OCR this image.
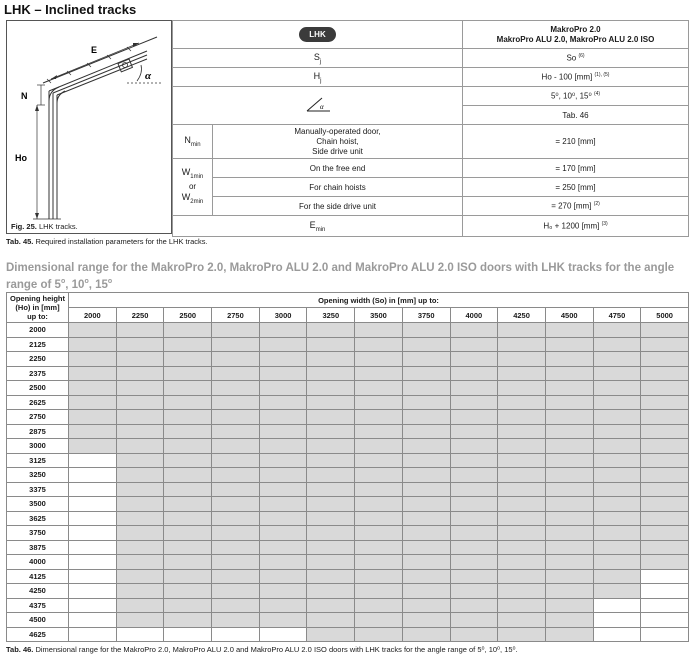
LHK – Inclined tracks
E
α
N
Ho
Fig. 25. LHK tracks.
LHK		MakroPro 2.0
MakroPro ALU 2.0, MakroPro ALU 2.0 ISO

$S_j$		So $^{(6)}$
$H_j$		Ho - 100 [mm] $^{(1), (5)}$

α		5⁰, 10⁰, 15⁰ $^{(4)}$
		Tab. 46
$N_{min}$	Manually-operated door,
Chain hoist,
Side drive unit	= 210 [mm]

$W_{1min}$
or
$W_{2min}$	On the free end	= 170 [mm]
	For chain hoists	= 250 [mm]
	For the side drive unit	= 270 [mm] $^{(2)}$
$E_{min}$		H₀ + 1200 [mm] $^{(3)}$
Tab. 45. Required installation parameters for the LHK tracks.
Dimensional range for the MakroPro 2.0, MakroPro ALU 2.0 and MakroPro ALU 2.0 ISO doors with LHK tracks for the angle range of 5$^o$, 10$^o$, 15$^o$
Opening height
(Ho) in [mm]
up to:	Opening width (So) in [mm] up to:												
	2000	2250	2500	2750	3000	3250	3500	3750	4000	4250	4500	4750	5000
2000													
2125													
2250													
2375													
2500													
2625													
2750													
2875													
3000													
3125													
3250													
3375													
3500													
3625													
3750													
3875													
4000													
4125													
4250													
4375													
4500													
4625													
Tab. 46. Dimensional range for the MakroPro 2.0, MakroPro ALU 2.0 and MakroPro ALU 2.0 ISO doors with LHK tracks for the angle range of 5⁰, 10⁰, 15⁰.
